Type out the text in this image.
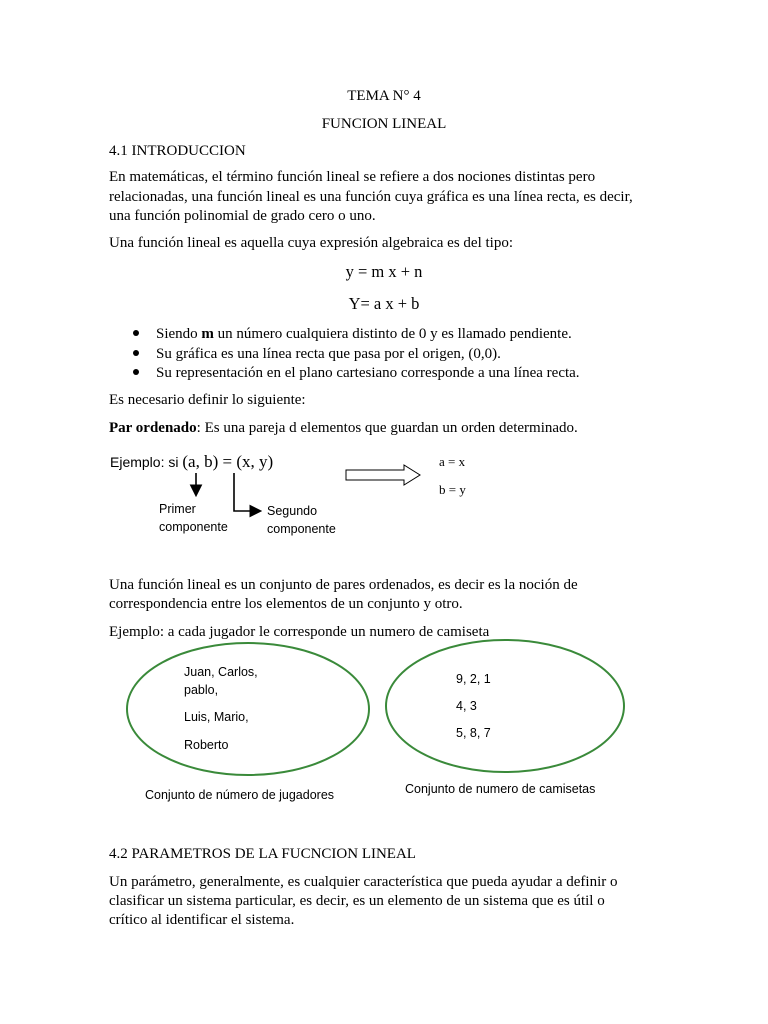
TEMA N° 4
FUNCION LINEAL
4.1 INTRODUCCION
En matemáticas, el término función lineal se refiere a dos nociones distintas pero
relacionadas, una función lineal es una función cuya gráfica es una línea recta, es decir,
una función polinomial de grado cero o uno.
Una función lineal es aquella cuya expresión algebraica es del tipo:
y = m x + n
Y= a x + b
Siendo m un número cualquiera distinto de 0 y es llamado pendiente.
Su gráfica es una línea recta que pasa por el origen, (0,0).
Su representación en el plano cartesiano corresponde a una línea recta.
Es necesario definir lo siguiente:
Par ordenado: Es una pareja d elementos que guardan un orden determinado.
Ejemplo: si (a, b) = (x, y)
Primer
componente
Segundo
componente
a = x
b = y
Una función lineal es un conjunto de pares ordenados, es decir es la noción de
correspondencia entre los elementos de un conjunto y otro.
Ejemplo: a cada jugador le corresponde un numero de camiseta
Juan, Carlos,
pablo,
Luis, Mario,
Roberto
9, 2, 1
4, 3
5, 8, 7
Conjunto de número de jugadores	Conjunto de numero de camisetas
4.2 PARAMETROS DE LA FUCNCION LINEAL
Un parámetro, generalmente, es cualquier característica que pueda ayudar a definir o
clasificar un sistema particular, es decir, es un elemento de un sistema que es útil o
crítico al identificar el sistema.
